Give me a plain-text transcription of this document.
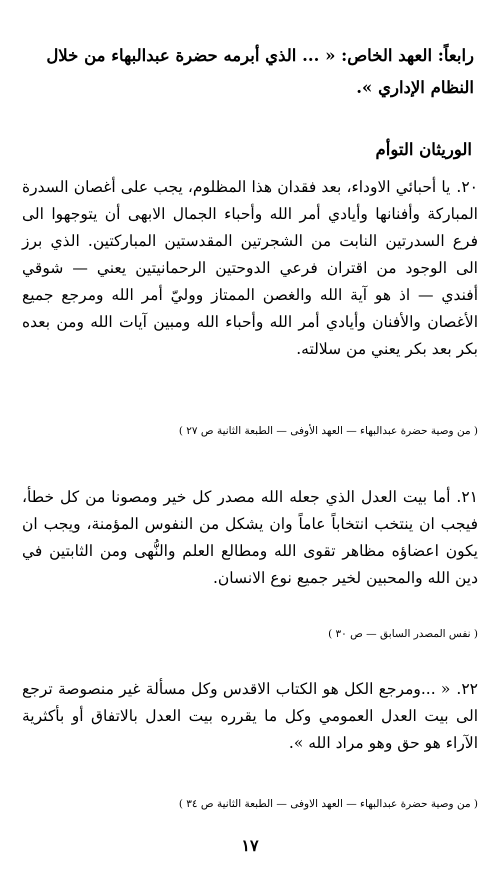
رابعاً: العهد الخاص: « ... الذي أبرمه حضرة عبدالبهاء من خلال النظام الإداري ».
الوريثان التوأم
٢٠.يا أحبائي الاوداء، بعد فقدان هذا المظلوم، يجب على أغصان السدرة المباركة وأفنانها وأيادي أمر الله وأحباء الجمال الابهى أن يتوجهوا الى فرع السدرتين النابت من الشجرتين المقدستين المباركتين. الذي برز الى الوجود من اقتران فرعي الدوحتين الرحمانيتين يعني — شوقي أفندي — اذ هو آية الله والغصن الممتاز ووليّ أمر الله ومرجع جميع الأغصان والأفنان وأيادي أمر الله وأحباء الله ومبين آيات الله ومن بعده بكر بعد بكر يعني من سلالته.
( من وصية حضرة عبدالبهاء — العهد الأوفى — الطبعة الثانية ص ٢٧ )
٢١.أما بيت العدل الذي جعله الله مصدر كل خير ومصونا من كل خطأ، فيجب ان ينتخب انتخاباً عاماً وان يشكل من النفوس المؤمنة، ويجب ان يكون اعضاؤه مظاهر تقوى الله ومطالع العلم والنُّهى ومن الثابتين في دين الله والمحبين لخير جميع نوع الانسان.
( نفس المصدر السابق — ص ٣٠ )
٢٢.« ...ومرجع الكل هو الكتاب الاقدس وكل مسألة غير منصوصة ترجع الى بيت العدل العمومي وكل ما يقرره بيت العدل بالاتفاق أو بأكثرية الآراء هو حق وهو مراد الله ».
( من وصية حضرة عبدالبهاء — العهد الاوفى — الطبعة الثانية ص ٣٤ )
١٧
